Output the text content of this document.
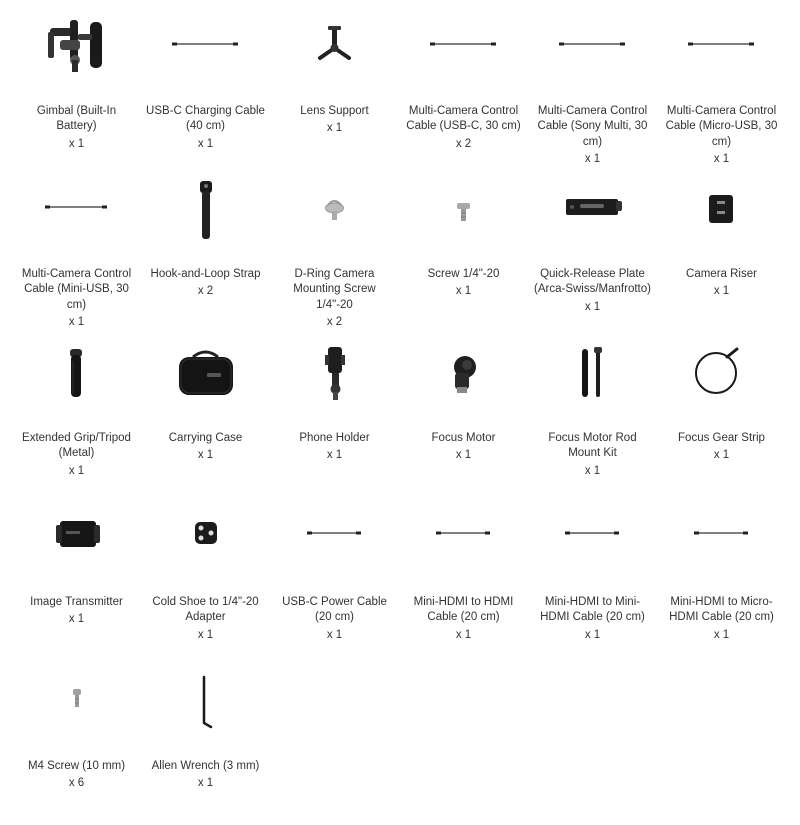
Gimbal (Built-In Battery)
x 1
USB-C Charging Cable (40 cm)
x 1
Lens Support
x 1
Multi-Camera Control Cable (USB-C, 30 cm)
x 2
Multi-Camera Control Cable (Sony Multi, 30 cm)
x 1
Multi-Camera Control Cable (Micro-USB, 30 cm)
x 1
Multi-Camera Control Cable (Mini-USB, 30 cm)
x 1
Hook-and-Loop Strap
x 2
D-Ring Camera Mounting Screw 1/4"-20
x 2
Screw 1/4"-20
x 1
Quick-Release Plate (Arca-Swiss/Manfrotto)
x 1
Camera Riser
x 1
Extended Grip/Tripod (Metal)
x 1
Carrying Case
x 1
Phone Holder
x 1
Focus Motor
x 1
Focus Motor Rod Mount Kit
x 1
Focus Gear Strip
x 1
Image Transmitter
x 1
Cold Shoe to 1/4"-20 Adapter
x 1
USB-C Power Cable (20 cm)
x 1
Mini-HDMI to HDMI Cable (20 cm)
x 1
Mini-HDMI to Mini-HDMI Cable (20 cm)
x 1
Mini-HDMI to Micro-HDMI Cable (20 cm)
x 1
M4 Screw (10 mm)
x 6
Allen Wrench (3 mm)
x 1
